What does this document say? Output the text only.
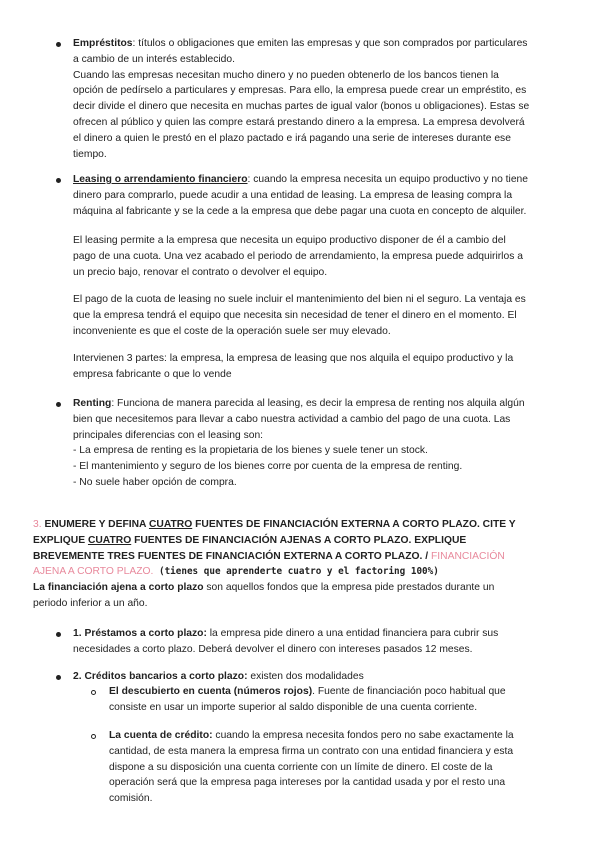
Empréstitos: títulos o obligaciones que emiten las empresas y que son comprados por particulares
a cambio de un interés establecido.
Cuando las empresas necesitan mucho dinero y no pueden obtenerlo de los bancos tienen la
opción de pedírselo a particulares y empresas. Para ello, la empresa puede crear un empréstito, es
decir divide el dinero que necesita en muchas partes de igual valor (bonos u obligaciones). Estas se
ofrecen al público y quien las compre estará prestando dinero a la empresa. La empresa devolverá
el dinero a quien le prestó en el plazo pactado e irá pagando una serie de intereses durante ese
tiempo.
Leasing o arrendamiento financiero: cuando la empresa necesita un equipo productivo y no tiene
dinero para comprarlo, puede acudir a una entidad de leasing. La empresa de leasing compra la
máquina al fabricante y se la cede a la empresa que debe pagar una cuota en concepto de alquiler.
El leasing permite a la empresa que necesita un equipo productivo disponer de él a cambio del
pago de una cuota. Una vez acabado el periodo de arrendamiento, la empresa puede adquirirlos a
un precio bajo, renovar el contrato o devolver el equipo.
El pago de la cuota de leasing no suele incluir el mantenimiento del bien ni el seguro. La ventaja es
que la empresa tendrá el equipo que necesita sin necesidad de tener el dinero en el momento. El
inconveniente es que el coste de la operación suele ser muy elevado.
Intervienen 3 partes: la empresa, la empresa de leasing que nos alquila el equipo productivo y la
empresa fabricante o que lo vende
Renting: Funciona de manera parecida al leasing, es decir la empresa de renting nos alquila algún
bien que necesitemos para llevar a cabo nuestra actividad a cambio del pago de una cuota. Las
principales diferencias con el leasing son:
- La empresa de renting es la propietaria de los bienes y suele tener un stock.
- El mantenimiento y seguro de los bienes corre por cuenta de la empresa de renting.
- No suele haber opción de compra.
3. ENUMERE Y DEFINA CUATRO FUENTES DE FINANCIACIÓN EXTERNA A CORTO PLAZO. CITE Y
EXPLIQUE CUATRO FUENTES DE FINANCIACIÓN AJENAS A CORTO PLAZO. EXPLIQUE
BREVEMENTE TRES FUENTES DE FINANCIACIÓN EXTERNA A CORTO PLAZO. / FINANCIACIÓN
AJENA A CORTO PLAZO. (tienes que aprenderte cuatro y el factoring 100%)
La financiación ajena a corto plazo son aquellos fondos que la empresa pide prestados durante un
periodo inferior a un año.
1. Préstamos a corto plazo: la empresa pide dinero a una entidad financiera para cubrir sus
necesidades a corto plazo. Deberá devolver el dinero con intereses pasados 12 meses.
2. Créditos bancarios a corto plazo: existen dos modalidades
El descubierto en cuenta (números rojos). Fuente de financiación poco habitual que
consiste en usar un importe superior al saldo disponible de una cuenta corriente.
La cuenta de crédito: cuando la empresa necesita fondos pero no sabe exactamente la
cantidad, de esta manera la empresa firma un contrato con una entidad financiera y esta
dispone a su disposición una cuenta corriente con un límite de dinero. El coste de la
operación será que la empresa paga intereses por la cantidad usada y por el resto una
comisión.
